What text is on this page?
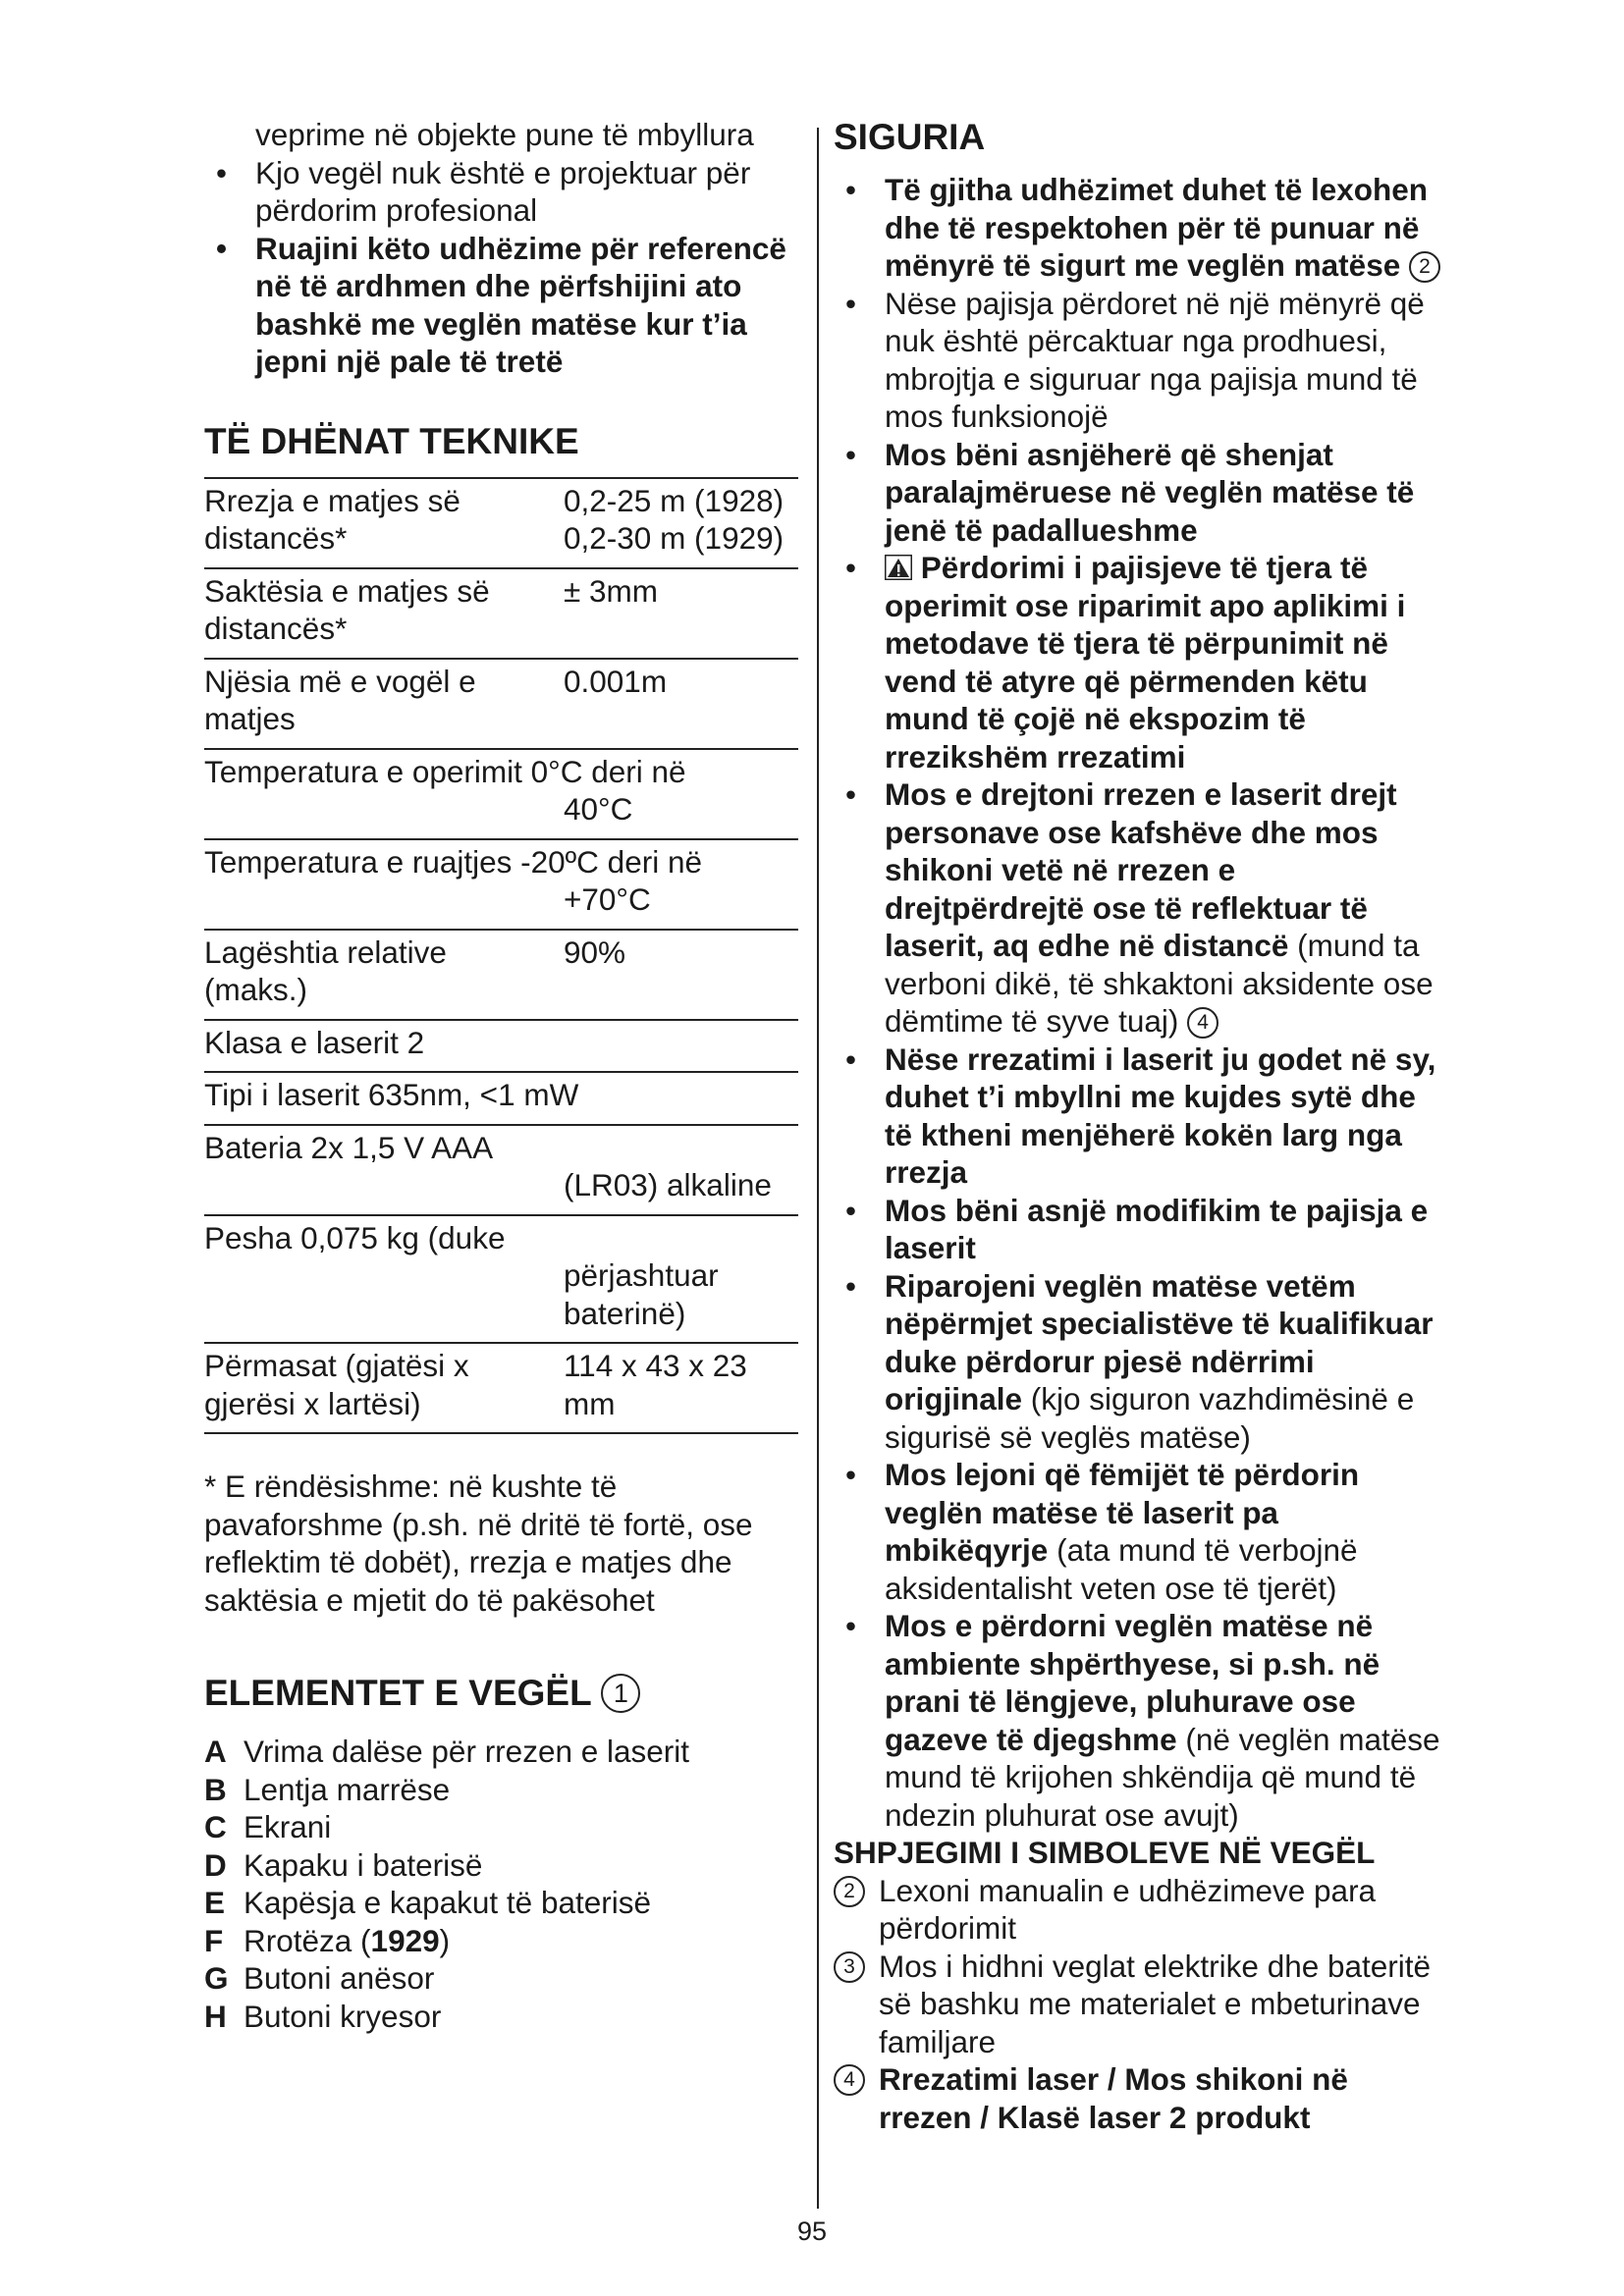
veprime në objekte pune të mbyllura
• Kjo vegël nuk është e projektuar për përdorim profesional
• Ruajini këto udhëzime për referencë në të ardhmen dhe përfshijini ato bashkë me veglën matëse kur t’ia jepni një pale të tretë
TË DHËNAT TEKNIKE
Rrezja e matjes së distancës*
0,2-25 m (1928) 0,2-30 m (1929)
Saktësia e matjes së distancës*
± 3mm
Njësia më e vogël e matjes
0.001m
Temperatura e operimit 0°C deri në
40°C
Temperatura e ruajtjes -20ºC deri në
+70°C
Lagështia relative (maks.)
90%
Klasa e laserit 2
Tipi i laserit 635nm, <1 mW
Bateria 2x 1,5 V AAA
(LR03) alkaline
Pesha 0,075 kg (duke
përjashtuar baterinë)
Përmasat (gjatësi x gjerësi x lartësi)
114 x 43 x 23 mm
* E rëndësishme: në kushte të pavaforshme (p.sh. në dritë të fortë, ose reflektim të dobët), rrezja e matjes dhe saktësia e mjetit do të pakësohet
ELEMENTET E VEGËL 1
A Vrima dalëse për rrezen e laserit
B Lentja marrëse
C Ekrani
D Kapaku i baterisë
E Kapësja e kapakut të baterisë
F Rrotëza (1929)
G Butoni anësor
H Butoni kryesor
SIGURIA
• Të gjitha udhëzimet duhet të lexohen dhe të respektohen për të punuar në mënyrë të sigurt me veglën matëse 2
• Nëse pajisja përdoret në një mënyrë që nuk është përcaktuar nga prodhuesi, mbrojtja e siguruar nga pajisja mund të mos funksionojë
• Mos bëni asnjëherë që shenjat paralajmëruese në veglën matëse të jenë të padallueshme
• Përdorimi i pajisjeve të tjera të operimit ose riparimit apo aplikimi i metodave të tjera të përpunimit në vend të atyre që përmenden këtu mund të çojë në ekspozim të rrezikshëm rrezatimi
• Mos e drejtoni rrezen e laserit drejt personave ose kafshëve dhe mos shikoni vetë në rrezen e drejtpërdrejtë ose të reflektuar të laserit, aq edhe në distancë (mund ta verboni dikë, të shkaktoni aksidente ose dëmtime të syve tuaj) 4
• Nëse rrezatimi i laserit ju godet në sy, duhet t’i mbyllni me kujdes sytë dhe të ktheni menjëherë kokën larg nga rrezja
• Mos bëni asnjë modifikim te pajisja e laserit
• Riparojeni veglën matëse vetëm nëpërmjet specialistëve të kualifikuar duke përdorur pjesë ndërrimi origjinale (kjo siguron vazhdimësinë e sigurisë së veglës matëse)
• Mos lejoni që fëmijët të përdorin veglën matëse të laserit pa mbikëqyrje (ata mund të verbojnë aksidentalisht veten ose të tjerët)
• Mos e përdorni veglën matëse në ambiente shpërthyese, si p.sh. në prani të lëngjeve, pluhurave ose gazeve të djegshme (në veglën matëse mund të krijohen shkëndija që mund të ndezin pluhurat ose avujt)
SHPJEGIMI I SIMBOLEVE NË VEGËL
2 Lexoni manualin e udhëzimeve para përdorimit
3 Mos i hidhni veglat elektrike dhe bateritë së bashku me materialet e mbeturinave familjare
4 Rrezatimi laser / Mos shikoni në rrezen / Klasë laser 2 produkt
95
